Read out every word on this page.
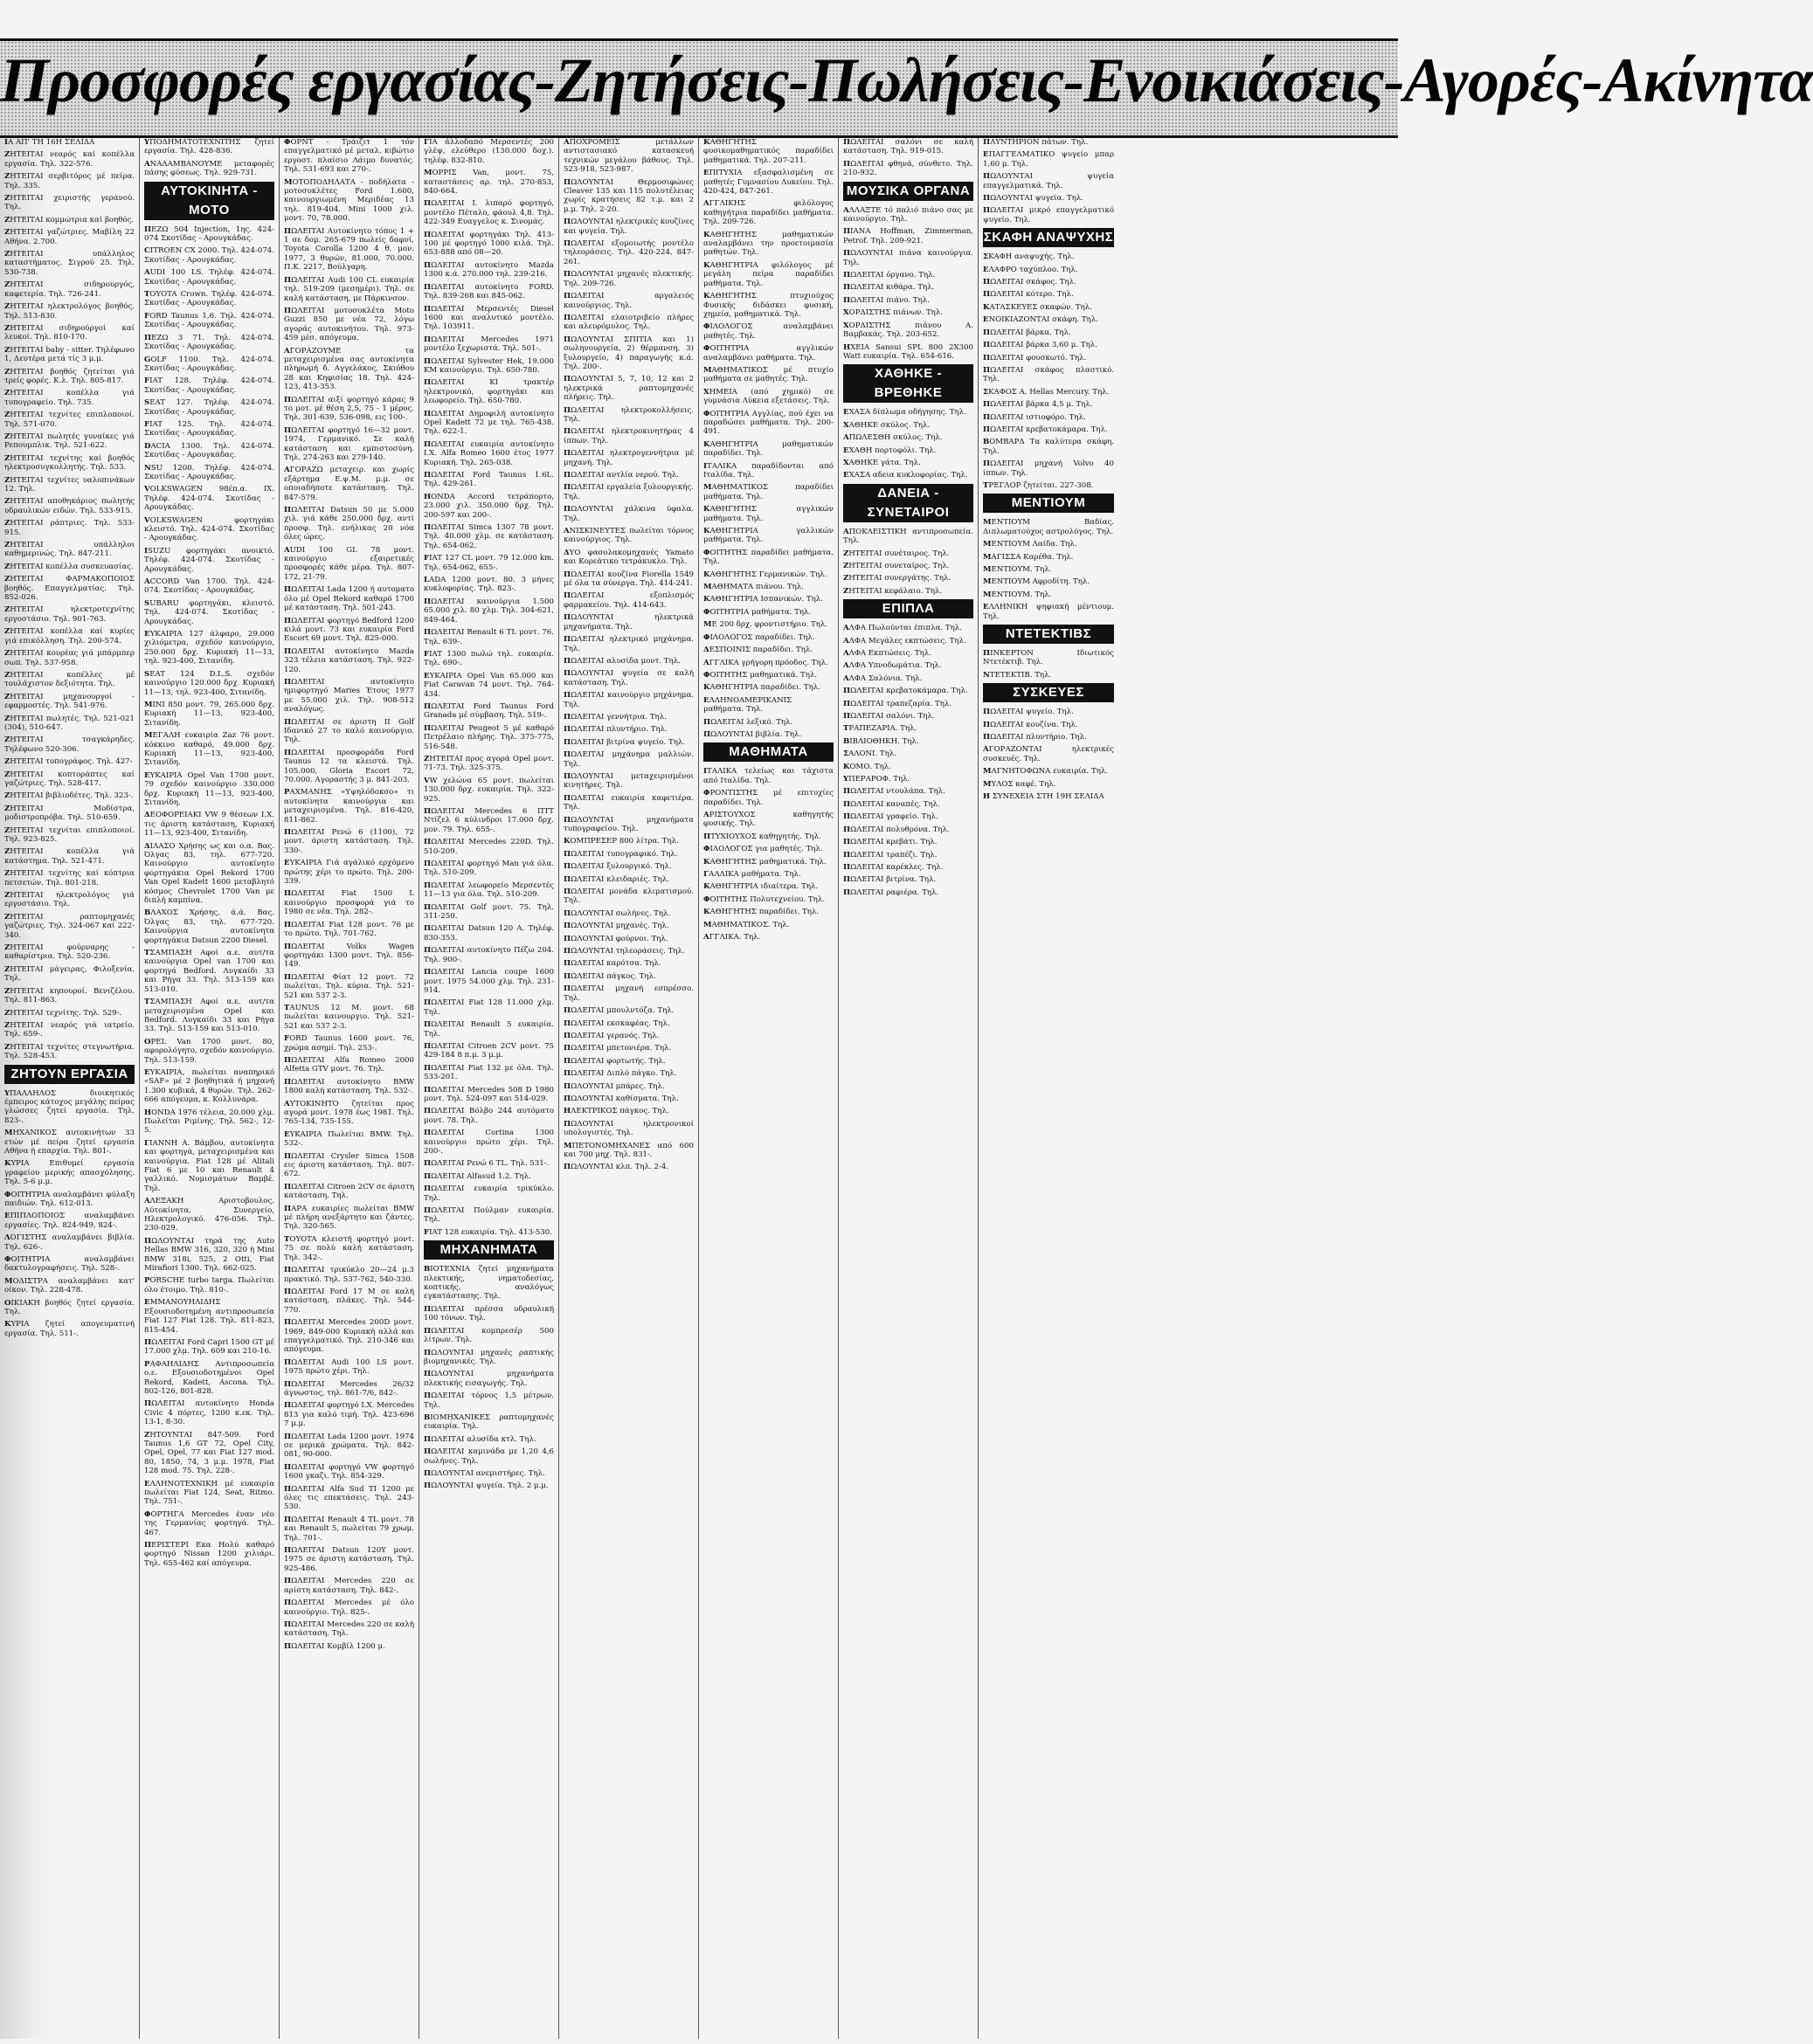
Προσφορές εργασίας-Ζητήσεις-Πωλήσεις-Ενοικιάσεις-Αγορές-Ακίνητα
ΙΑ ΑΠ' ΤΗ 16Η ΣΕΛΙΔΑ
ΖΗΤΕΙΤΑΙ νεαρός καί κοπέλλα εργασία. Τηλ. 322-576.
ΖΗΤΕΙΤΑΙ σερβιτόρος μέ πείρα. Τηλ. 335.
ΖΗΤΕΙΤΑΙ χειριστής γερανού. Τηλ.
ΖΗΤΕΙΤΑΙ κομμώτρια καί βοηθός.
ΖΗΤΕΙΤΑΙ γαζώτριες. Μαβίλη 22 Αθήνα. 2.700.
ΖΗΤΕΙΤΑΙ υπάλληλος καταστήματος. Σιγρού 25. Τηλ. 530-738.
ΖΗΤΕΙΤΑΙ σιδηρουργός, καφετερία. Τηλ. 726-241.
ΖΗΤΕΙΤΑΙ ηλεκτρολόγος βοηθός. Τηλ. 513-830.
ΖΗΤΕΙΤΑΙ σιδηρούργοί καί λευκοί. Τηλ. 810-170.
ΖΗΤΕΙΤΑΙ baby - sitter. Τηλέφωνο 1, Δευτέρα μετά τίς 3 μ.μ.
ΖΗΤΕΙΤΑΙ βοηθός ζητείται γιά τρείς φορές. Κ.λ. Τηλ. 805-817.
ΖΗΤΕΙΤΑΙ κοπέλλα γιά τυπογραφείο. Τηλ. 735.
ΖΗΤΕΙΤΑΙ τεχνίτες επιπλοποιοί. Τηλ. 571-070.
ΖΗΤΕΙΤΑΙ πωλητές γυναίκες γιά Ρεπουμπλικ. Τηλ. 521-622.
ΖΗΤΕΙΤΑΙ τεχνίτης καί βοηθός ηλεκτροσυγκολλητής. Τηλ. 533.
ΖΗΤΕΙΤΑΙ τεχνίτες υαλοπινάκων 12. Τηλ.
ΖΗΤΕΙΤΑΙ αποθηκάριος πωλητής υδραυλικών ειδών. Τηλ. 533-915.
ΖΗΤΕΙΤΑΙ ράπτριες. Τηλ. 533-915.
ΖΗΤΕΙΤΑΙ υπάλληλοι καθημερινώς. Τηλ. 847-211.
ΖΗΤΕΙΤΑΙ κοπέλλα συσκευασίας.
ΖΗΤΕΙΤΑΙ ΦΑΡΜΑΚΟΠΟΙΟΣ βοηθός. Επαγγελματίας. Τηλ. 852-026.
ΖΗΤΕΙΤΑΙ ηλεκτροτεχνίτης εργοστάσιο. Τηλ. 901-763.
ΖΗΤΕΙΤΑΙ κοπέλλα καί κυρίες γιά επικόλληση. Τηλ. 200-574.
ΖΗΤΕΙΤΑΙ κουρέας γιά μπάρμπερ σωπ. Τηλ. 537-958.
ΖΗΤΕΙΤΑΙ κοπέλλες μέ τουλάχιστον δεξιότητα. Τηλ.
ΖΗΤΕΙΤΑΙ μηχανουργοί - εφαρμοστές. Τηλ. 541-976.
ΖΗΤΕΙΤΑΙ πωλητές. Τηλ. 521-021 (304), 510-647.
ΖΗΤΕΙΤΑΙ τσαγκάρηδες. Τηλέφωνο 520-306.
ΖΗΤΕΙΤΑΙ τοπογράφος. Τηλ. 427-
ΖΗΤΕΙΤΑΙ κοπτοράπτες καί γαζώτριες. Τηλ. 528-417.
ΖΗΤΕΙΤΑΙ βιβλιοδέτες. Τηλ. 323-.
ΖΗΤΕΙΤΑΙ Μοδίστρα, μοδιστροπρόβα. Τηλ. 510-659.
ΖΗΤΕΙΤΑΙ τεχνίται επιπλοποιοί. Τηλ. 923-825.
ΖΗΤΕΙΤΑΙ κοπέλλα γιά κατάστημα. Τηλ. 521-471.
ΖΗΤΕΙΤΑΙ τεχνίτης καί κόπτρια πετσετών. Τηλ. 801-218.
ΖΗΤΕΙΤΑΙ ηλεκτρολόγος γιά εργοστάσιο. Τηλ.
ΖΗΤΕΙΤΑΙ ραπτομηχανές γαζώτριες. Τηλ. 324-067 καί 222-340.
ΖΗΤΕΙΤΑΙ φούρναρης - καθαρίστρια. Τηλ. 520-236.
ΖΗΤΕΙΤΑΙ μάγειρας, Φιλοξενία. Τηλ.
ΖΗΤΕΙΤΑΙ κηπουροί. Βενιζέλου. Τηλ. 811-863.
ΖΗΤΕΙΤΑΙ τεχνίτης. Τηλ. 529-.
ΖΗΤΕΙΤΑΙ νεαρός γιά ιατρείο. Τηλ. 659-.
ΖΗΤΕΙΤΑΙ τεχνίτες στεγνωτήρια. Τηλ. 528-453.
ΖΗΤΟΥΝ ΕΡΓΑΣΙΑ
ΥΠΑΛΛΗΛΟΣ διοικητικός έμπειρος κάτοχος μεγάλης πείρας γλώσσες ζητεί εργασία. Τηλ. 823-.
ΜΗΧΑΝΙΚΟΣ αυτοκινήτων 33 ετών μέ πείρα ζητεί εργασία Αθήνα ή επαρχία. Τηλ. 801-.
ΚΥΡΙΑ Επιθυμεί εργασία γραφείου μερικής απασχόλησης. Τηλ. 5-6 μ.μ.
ΦΟΙΤΗΤΡΙΑ αναλαμβάνει φύλαξη παιδιών. Τηλ. 612-013.
ΕΠΙΠΛΟΠΟΙΟΣ αναλαμβάνει εργασίες. Τηλ. 824-949, 824-.
ΛΟΓΙΣΤΗΣ αναλαμβάνει βιβλία. Τηλ. 626-.
ΦΟΙΤΗΤΡΙΑ αναλαμβάνει δακτυλογραφήσεις. Τηλ. 528-.
ΜΟΔΙΣΤΡΑ αναλαμβάνει κατ' οίκον. Τηλ. 228-478.
ΟΙΚΙΑΚΗ βοηθός ζητεί εργασία. Τηλ.
ΚΥΡΙΑ ζητεί απογευματινή εργασία. Τηλ. 511-.
ΥΠΟΔΗΜΑΤΟΤΕΧΝΙΤΗΣ ζητεί εργασία. Τηλ. 428-836.
ΑΝΑΛΑΜΒΑΝΟΥΜΕ μεταφορές πάσης φύσεως. Τηλ. 929-731.
ΑΥΤΟΚΙΝΗΤΑ - ΜΟΤΟ
ΠΕΖΩ 504 Injection, 1ης. 424-074 Σκοτίδας - Αρουγκάδας.
CITROEN CX 2000. Τηλ. 424-074. Σκοτίδας - Αρουγκάδας.
AUDI 100 LS. Τηλέφ. 424-074. Σκοτίδας - Αρουγκάδας.
TOYOTA Crown. Τηλέφ. 424-074. Σκοτίδας - Αρουγκάδας.
FORD Taunus 1,6. Τηλ. 424-074. Σκοτίδας - Αρουγκάδας.
ΠΕΖΩ 3 71. Τηλ. 424-074. Σκοτίδας - Αρουγκάδας.
GOLF 1100. Τηλ. 424-074. Σκοτίδας - Αρουγκάδας.
FIAT 128. Τηλέφ. 424-074. Σκοτίδας - Αρουγκάδας.
SEAT 127. Τηλέφ. 424-074. Σκοτίδας - Αρουγκάδας.
FIAT 125. Τηλ. 424-074. Σκοτίδας - Αρουγκάδας.
DACIA 1300. Τηλ. 424-074. Σκοτίδας - Αρουγκάδας.
NSU 1200. Τηλέφ. 424-074. Σκοτίδας - Αρουγκάδας.
VOLKSWAGEN 98έπ.α. IX. Τηλέφ. 424-074. Σκοτίδας - Αρουγκάδας.
VOLKSWAGEN φορτηγάκι κλειστό. Τηλ. 424-074. Σκοτίδας - Αρουγκάδας.
ISUZU φορτηγάκι ανοικτό. Τηλέφ. 424-074. Σκοτίδας - Αρουγκάδας.
ACCORD Van 1700. Τηλ. 424-074. Σκοτίδας - Αρουγκάδας.
SUBARU φορτηγάκι, κλειστό. Τηλ. 424-074. Σκοτίδας - Αρουγκάδας.
ΕΥΚΑΙΡΙΑ 127 άλφαρο, 29.000 χιλιόμετρα, σχεδόν καινούργιο, 250.000 δρχ. Κυριακή 11—13, τηλ. 923-400, Σιτανίδη.
SEAT 124 D.L.S. σχεδόν καινούργιο 120.000 δρχ. Κυριακή 11—13, τηλ. 923-400, Σιτανίδη.
MINI 850 μοντ. 79, 265.000 δρχ. Κυριακή 11—13, 923-400, Σιτανίδη.
ΜΕΓΑΛΗ ευκαιρία Zaz 76 μοντ. κόκκινο καθαρό, 49.000 δρχ. Κυριακή 11—13, 923-400, Σιτανίδη.
ΕΥΚΑΙΡΙΑ Opel Van 1700 μοντ. 79 σχεδόν καινούργιο 330.000 δρχ. Κυριακή 11—13, 923-400, Σιτανίδη.
ΔΕΟΦΟΡΕΙΑΚΙ VW 9 θέσεων I.X. τις άριστη κατάσταση, Κυριακή 11—13, 923-400, Σιτανίδη.
ΔΙΛΑΣΟ Χρήσης ως και ο.α. Βας. Όλγας 83, τηλ. 677-720. Καινούργιο αυτοκίνητο φορτηγάκια Opel Rekord 1700 Van Opel Kadett 1600 μεταβλητό κόσμος Chevrolet 1700 Van με διπλή καμπίνα.
ΒΛΑΧΟΣ Χρήσης, ά.ά. Βας. Όλγας 83, τηλ. 677-720. Καινούργια αυτοκίνητα φορτηγάκια Datsun 2200 Diesel.
ΤΣΑΜΠΑΣΗ Αφοί α.ε. αυτ/τα καινούργια Opel van 1700 και φορτηγά Bedford. Λυγκαίδι 33 και Ρήγα 33. Τηλ. 513-159 και 513-010.
ΤΣΑΜΠΑΣΗ Αφοί α.ε. αυτ/τα μεταχειρισμένα Opel και Bedford. Λυγκαίδι 33 και Ρήγα 33. Τηλ. 513-159 και 513-010.
OPEL Van 1700 μοντ. 80, αφορολόγητο, σχεδόν καινούργιο. Τηλ. 513-159.
ΕΥΚΑΙΡΙΑ, πωλείται αναπηρικό «SAF» μέ 2 βοηθητικά ή μηχανή 1.300 κυβικά, 4 θυρών. Τηλ. 262-666 απόγευμα, κ. Κολλυνάρα.
HONDA 1976 τέλεια, 20.000 χλμ. Πωλείται Ριμίνης. Τηλ. 562-, 12-5.
ΓΙΑΝΝΗ Α. Βάμβου, αυτοκίνητα και φορτηγά, μεταχειρισμένα και καινούργια. Fiat 128 μέ Alitali Fiat 6 με 10 και Renault 4 γαλλικό. Νομισμάτων Βαμβέ. Τηλ.
ΑΛΕΞΑΚΗ Αριστοβουλος. Αύτοκίνητα, Συνεργείο, Ηλεκτρολογικό. 476-056. Τηλ. 230-029.
ΠΩΛΟΥΝΤΑΙ τηρά της Αuto Hellas BMW 316, 320, 320 ή Mini BMW 318i, 525, 2 Otti, Fiat Mirafiori 1300. Τηλ. 662-025.
PORSCHE turbo targa. Πωλείται όλο έτοιμο. Τηλ. 810-.
ΕΜΜΑΝΟΥΗΛΙΔΗΣ Εξουσιοδοτημένη αντιπροσωπεία Fiat 127 Fiat 128. Τηλ. 811-823, 815-454.
ΠΩΛΕΙΤΑΙ Ford Capri 1500 GT μέ 17.000 χλμ. Τηλ. 609 και 210-16.
ΡΑΦΑΗΛΙΔΗΣ Αντιπροσωπεία ο.ε. Εξουσιοδοτημένοι Opel Rekord, Kadett, Ascona. Τηλ. 802-126, 801-828.
ΠΩΛΕΙΤΑΙ αυτοκίνητο Honda Civic 4 πόρτες, 1200 κ.εκ. Τηλ. 13-1, 8-30.
ΖΗΤΟΥΝΤΑΙ 847-509. Ford Taunus 1,6 GT 72, Opel City, Opel, Opel, 77 και Fiat 127 mod. 80, 1850, 74, 3 μ.μ. 1978, Fiat 128 mod. 75. Τηλ. 228-.
ΕΛΛΗΝΟΤΕΧΝΙΚΗ μέ ευκαιρία πωλείται Fiat 124, Seat, Ritmo. Τηλ. 751-.
ΦΟΡΤΗΓΑ Mercedes έναν νέο της Γερμανίας φορτηγά. Τηλ. 467.
ΠΕΡΙΣΤΕΡΙ Εκα Ηολύ καθαρό φορτηγό Nissan 1200 χιλιάρι. Τηλ. 655-462 καί απόγευμα.
ΦΟΡΝΤ - Τράιζιτ 1 τόν επαγγελματικό μέ μεταλ. κιβώτιο εργοστ. πλαίσιο Λάιμο δυνατός. Τηλ. 531-693 και 270-.
ΜΟΤΟΠΟΔΗΛΑΤΑ - ποδήλατα - μοτοσυκλέτες Ford 1.600, καινουργιωμένη Μεριδέας 13 τηλ. 819-404. Mini 1000 χιλ. μοντ. 70, 78.000.
ΠΩΛΕΙΤΑΙ Αυτοκίνητο τόπος 1 + 1 σε δομ. 265-679 πωλείς δαφνί, Toyota Corolla 1200 4 θ. μον. 1977, 3 θυρών, 81.000, 70.000. Π.Κ. 2217, Βούλγαρη.
ΠΩΛΕΙΤΑΙ Audi 100 CL ευκαιρία τηλ. 519-209 (μεσημέρι). Τηλ. σε καλή κατάσταση, με Πάρκινσον.
ΠΩΛΕΙΤΑΙ μοτοσυκλέτα Moto Guzzi 850 με νέα 72, λόγω αγοράς αυτοκινήτου. Τηλ. 973-459 μέσ. απόγευμα.
ΑΓΟΡΑΖΟΥΜΕ τα μεταχειρισμένα σας αυτοκίνητα πληρωμή δ. Αγγελάκος, Σκιόθου 28 και Κηφισίας 18. Τηλ. 424-123, 413-353.
ΠΩΛΕΙΤΑΙ αιξί φορτηγό κάρας 9 το μοτ. μέ θέση 2,5, 75 - 1 μέρος. Τηλ. 301-639, 536-098, εις 100-.
ΠΩΛΕΙΤΑΙ φορτηγό 16—32 μοντ. 1974, Γερμανικό. Σε καλή κατάσταση και εμπιστοσύνη. Τηλ. 274-263 και 279-140.
ΑΓΟΡΑΖΩ μεταχειρ. και χωρίς εξάρτημα Ε.ψ.Μ. μ.μ. σε οποιαδήποτε κατάσταση. Τηλ. 847-579.
ΠΩΛΕΙΤΑΙ Datsun 50 με 5.000 χιλ. γιά κάθε 250.000 δρχ. αντί προσφ. Τηλ. ενήλικας 20 νόα όλες ώρες.
AUDI 100 GL 78 μοντ. καινούργιο εξαιρετικές προσφορές κάθε μέρα. Τηλ. 807-172, 21-79.
ΠΩΛΕΙΤΑΙ Lada 1200 ή αυτοματο όλο μέ Opel Rekord καθαρό 1700 μέ κατάσταση. Τηλ. 501-243.
ΠΩΛΕΙΤΑΙ φορτηγό Bedford 1200 κιλά μοντ. 73 και ευκαιρία Ford Escort 69 μοντ. Τηλ. 825-000.
ΠΩΛΕΙΤΑΙ αυτοκίνητο Mazda 323 τέλεια κατάσταση. Τηλ. 922-120.
ΠΩΛΕΙΤΑΙ αυτοκίνητο ημιφορτηγό Maries Έτους 1977 με 55.000 χιλ. Τηλ. 908-512 αναλόγως.
ΠΩΛΕΙΤΑΙ σε άριστη ΙΙ Golf Ιδανικό 27 το καλό καινούργιο. Τηλ.
ΠΩΛΕΙΤΑΙ προσφοράδα Ford Taunus 12 τα κλειστά. Τηλ. 105.000, Gloria Escort 72, 70.000. Αγοραστής 3 μ. 841-203.
ΡΑΧΜΑΝΗΣ «Yψηλόδοκσο» τι αυτοκίνητα καινούργια και μεταχειρισμένα. Τηλ. 816-420, 811-862.
ΠΩΛΕΙΤΑΙ Ρενώ 6 (1100), 72 μοντ. άριστη κατάσταση. Τηλ. 330-.
ΕΥΚΑΙΡΙΑ Γιά αγάλικό ερχόμενο πρώτης χέρι το πρώτο. Τηλ. 200-339.
ΠΩΛΕΙΤΑΙ Fiat 1500 L καινούργιο προσφορά γιά το 1980 σε νέα. Τηλ. 282-.
ΠΩΛΕΙΤΑΙ Fiat 128 μοντ. 76 με το πρώτο. Τηλ. 701-762.
ΠΩΛΕΙΤΑΙ Volks Wagen φορτηγάκι 1300 μοντ. Τηλ. 856-149.
ΠΩΛΕΙΤΑΙ Φίατ 12 μοντ. 72 πωλείται. Τηλ. κύρια. Τηλ. 521-521 και 537 2-3.
TAUNUS 12 Μ. μοντ. 68 πωλείται καινουργιο. Τηλ. 521-521 και 537 2-3.
FORD Taunus 1600 μοντ. 76, χρώμα ασημί. Τηλ. 253-.
ΠΩΛΕΙΤΑΙ Alfa Romeo 2000 Alfetta GTV μοντ. 76. Τηλ.
ΠΩΛΕΙΤΑΙ αυτοκίνητο BMW 1800 καλή κατάσταση. Τηλ. 532-.
ΑΥΤΟΚΙΝΗΤΟ ζητείται προς αγορά μοντ. 1978 έως 1981. Τηλ. 765-134, 735-155.
ΕΥΚΑΙΡΙΑ Πωλείται BMW. Τηλ. 532-.
ΠΩΛΕΙΤΑΙ Crysler Simca 1508 εις άριστη κατάσταση. Τηλ. 807-672.
ΠΩΛΕΙΤΑΙ Citroen 2CV σε άριστη κατάσταση. Τηλ.
ΠΑΡΑ ευκαιρίες πωλείται BMW μέ πλήρη ανεξάρτητο και ζάντες. Τηλ. 320-565.
TOYOTA κλειστή φορτηγό μοντ. 75 σε πολύ καλή κατάσταση. Τηλ. 342-.
ΠΩΛΕΙΤΑΙ τρικύκλο 20—24 μ.3 πρακτικό. Τηλ. 537-762, 540-330.
ΠΩΛΕΙΤΑΙ Ford 17 M σε καλή κατάσταση, πλάκες. Τηλ. 544-770.
ΠΩΛΕΙΤΑΙ Mercedes 200D μοντ. 1969, 849-000 Κυριακή αλλά και επαγγελματικό. Τηλ. 210-346 και απόγευμα.
ΠΩΛΕΙΤΑΙ Audi 100 LS μοντ. 1975 πρώτο χέρι. Τηλ.
ΠΩΛΕΙΤΑΙ Mercedes 26/32 άγνωστος, τηλ. 861-7/6, 842-.
ΠΩΛΕΙΤΑΙ φορτηγό I.X. Mercedes 813 για καλό τιμή. Τηλ. 423-696 7 μ.μ.
ΠΩΛΕΙΤΑΙ Lada 1200 μοντ. 1974 σε μερικά χρώματα. Τηλ. 842-081, 90-000.
ΠΩΛΕΙΤΑΙ φορτηγό VW φορτηγό 1600 γκαζι. Τηλ. 854-329.
ΠΩΛΕΙΤΑΙ Alfa Sud TI 1200 με όλες τις επεκτάσεις. Τηλ. 243-530.
ΠΩΛΕΙΤΑΙ Renault 4 TL μοντ. 78 και Renault 5, πωλείται 79 χρωμ. Τηλ. 701-.
ΠΩΛΕΙΤΑΙ Datsun 120Y μοντ. 1975 σε άριστη κατάσταση. Τηλ. 925-486.
ΠΩΛΕΙΤΑΙ Mercedes 220 σε αρίστη κατάσταση. Τηλ. 842-.
ΠΩΛΕΙΤΑΙ Mercedes μέ όλο καινούργιο. Τηλ. 825-.
ΠΩΛΕΙΤΑΙ Mercedes 220 σε καλή κατάσταση. Τηλ.
ΠΩΛΕΙΤΑΙ Κομβίλ 1200 μ.
ΓΙΑ άλλοδαπό Μερσεντές 200 γλέψ, ελεύθερο (130.000 δοχ.). τηλέφ. 832-810.
ΜΟΡΡΙΣ Van, μοντ. 75, καταστάσεις αρ. τηλ. 270-853, 840-664.
ΠΩΛΕΙΤΑΙ Ι. λιπαρό φορτηγό, μοντέλο Πέταλο, φάουλ 4,8. Τηλ. 422-349 Ευαγγελος κ. Σινομάς.
ΠΩΛΕΙΤΑΙ φορτηγάκι Τηλ. 413-100 μέ φορτηγό 1000 κιλά. Τηλ. 653-888 από 08—20.
ΠΩΛΕΙΤΑΙ αυτοκίνητο Mazda 1300 κ.ά. 270.000 τηλ. 239-216.
ΠΩΛΕΙΤΑΙ αυτοκίνητο FORD. Τηλ. 839-268 και 845-062.
ΠΩΛΕΙΤΑΙ Μερσεντές Diesel 1600 και αναλυτικό μοντέλο. Τηλ. 103911.
ΠΩΛΕΙΤΑΙ Mercedes 1971 μοντέλο ξεχωριστά. Τηλ. 501-.
ΠΩΛΕΙΤΑΙ Sylvester Hek, 19.000 KM καινούργιο. Τηλ. 650-780.
ΠΩΛΕΙΤΑΙ ΚΙ τρακτέρ ηλεκτρονικό, φορτηγάκι και λεωφορείο. Τηλ. 650-780.
ΠΩΛΕΙΤΑΙ Δημοφιλή αυτοκίνητο Opel Kadett 72 με τηλ. 765-438. Τηλ. 622-1.
ΠΩΛΕΙΤΑΙ ευκαιρία αυτοκίνητο Ι.Χ. Alfa Romeo 1600 έτος 1977 Κυριακή. Τηλ. 265-038.
ΠΩΛΕΙΤΑΙ Ford Taunus 1.6L. Τηλ. 429-261.
HONDA Accord τετράπορτο, 23.000 χιλ. 350.000 δρχ. Τηλ. 200-597 και 200-.
ΠΩΛΕΙΤΑΙ Simca 1307 78 μοντ. Τηλ. 40.000 χλμ. σε κατάσταση. Τηλ. 654-062.
FIAT 127 CL μοντ. 79 12.000 km. Τηλ. 654-062, 655-.
LADA 1200 μοντ. 80. 3 μήνες κυκλοφορίας. Τηλ. 823-.
ΠΩΛΕΙΤΑΙ καινούργια 1.500 65.000 χιλ. 80 χλμ. Τηλ. 304-621, 849-464.
ΠΩΛΕΙΤΑΙ Renault 6 TL μοντ. 76. Τηλ. 639-.
FIAT 1300 πωλώ τηλ. ευκαιρία. Τηλ. 690-.
ΕΥΚΑΙΡΙΑ Opel Van 65.000 και Fiat Caravan 74 μοντ. Τηλ. 764-434.
ΠΩΛΕΙΤΑΙ Ford Taunus Ford Granada μέ σύμβαση. Τηλ. 519-.
ΠΩΛΕΙΤΑΙ Peugeot 5 μέ καθαρό Πετρέλαιο πλήρης. Τηλ. 375-775, 516-548.
ΖΗΤΕΙΤΑΙ προς αγορά Opel μοντ. 71-73. Τηλ. 325-375.
VW χελώνα 65 μοντ. πωλείται 130.000 δρχ. ευκαιρία. Τηλ. 322-925.
ΠΩΛΕΙΤΑΙ Mercedes 6 ΠΤΤ Ντίζελ 6 κύλινδροι 17.000 δρχ. μον. 79. Τηλ. 655-.
ΠΩΛΕΙΤΑΙ Mercedes 220D. Τηλ. 510-209.
ΠΩΛΕΙΤΑΙ φορτηγό Man γιά όλα. Τηλ. 510-209.
ΠΩΛΕΙΤΑΙ λεωφορείο Μερσεντές 11—13 για όλα. Τηλ. 510-209.
ΠΩΛΕΙΤΑΙ Golf μοντ. 75. Τηλ. 311-250.
ΠΩΛΕΙΤΑΙ Datsun 120 A. Τηλέφ. 830-353.
ΠΩΛΕΙΤΑΙ αυτοκίνητο Πέζω 204. Τηλ. 900-.
ΠΩΛΕΙΤΑΙ Lancia coupe 1600 μοντ. 1975 54.000 χλμ. Τηλ. 231-914.
ΠΩΛΕΙΤΑΙ Fiat 128 11.000 χλμ. Τηλ.
ΠΩΛΕΙΤΑΙ Renault 5 ευκαιρία. Τηλ.
ΠΩΛΕΙΤΑΙ Citroen 2CV μοντ. 75 429-184 8 π.μ. 3 μ.μ.
ΠΩΛΕΙΤΑΙ Fiat 132 με όλα. Τηλ. 533-201.
ΠΩΛΕΙΤΑΙ Mercedes 508 D 1980 μοντ. Τηλ. 524-097 και 514-029.
ΠΩΛΕΙΤΑΙ Βόλβο 244 αυτόματο μοντ. 78. Τηλ.
ΠΩΛΕΙΤΑΙ Cortina 1300 καινούργιο πρώτο χέρι. Τηλ. 200-.
ΠΩΛΕΙΤΑΙ Ρενώ 6 TL. Τηλ. 531-.
ΠΩΛΕΙΤΑΙ Alfasud 1.2. Τηλ.
ΠΩΛΕΙΤΑΙ ευκαιρία τρικύκλο. Τηλ.
ΠΩΛΕΙΤΑΙ Πούλμαν ευκαιρία. Τηλ.
FIAT 128 ευκαιρία. Τηλ. 413-530.
ΜΗΧΑΝΗΜΑΤΑ
ΒΙΟΤΕΧΝΙΑ ζητεί μηχανήματα πλεκτικής, νηματοδεσίας, κοπτικής, αναλόγως εγκατάστασης. Τηλ.
ΠΩΛΕΙΤΑΙ πρέσσα υδραυλική 100 τόνων. Τηλ.
ΠΩΛΕΙΤΑΙ κομπρεσέρ 500 λίτρων. Τηλ.
ΠΩΛΟΥΝΤΑΙ μηχανές ραπτικής βιομηχανικές. Τηλ.
ΠΩΛΟΥΝΤΑΙ μηχανήματα πλεκτικής εισαγωγής. Τηλ.
ΠΩΛΕΙΤΑΙ τόρνος 1,5 μέτρων. Τηλ.
ΒΙΟΜΗΧΑΝΙΚΕΣ ραπτομηχανές ευκαιρία. Τηλ.
ΠΩΛΕΙΤΑΙ αλυσίδα κτλ. Τηλ.
ΠΩΛΕΙΤΑΙ καμινάδα με 1,20 4,6 σωλήνες. Τηλ.
ΠΩΛΟΥΝΤΑΙ ανεμιστήρες. Τηλ.
ΠΩΛΟΥΝΤΑΙ ψυγεία. Τηλ. 2 μ.μ.
ΑΠΟΧΡΟΜΕΙΣ μετάλλων αντιστασιακό κατασκευή τεχνικών μεγάλου βάθους. Τηλ. 523-918, 523-987.
ΠΩΛΟΥΝΤΑΙ Θερμοσιφώνες Cleaver 135 και 115 πολυτέλειας χωρίς κρατήσεις 82 τ.μ. και 2 μ.μ. Τηλ. 2-20.
ΠΩΛΟΥΝΤΑΙ ηλεκτρικές κουζίνες και ψυγεία. Τηλ.
ΠΩΛΕΙΤΑΙ εξομοιωτής μοντέλο τηλεοράσεις. Τηλ. 420-224, 847-261.
ΠΩΛΟΥΝΤΑΙ μηχανές πλεκτικής. Τηλ. 209-726.
ΠΩΛΕΙΤΑΙ αργαλειός καινούργιος. Τηλ.
ΠΩΛΕΙΤΑΙ ελαιοτριβείο πλήρες και αλευρόμυλος. Τηλ.
ΠΩΛΟΥΝΤΑΙ ΣΠΙΤΙΑ και 1) σωληνουργεία, 2) θέρμανση, 3) ξυλουργείο, 4) παραγωγής κ.ά. Τηλ. 200-.
ΠΩΛΟΥΝΤΑΙ 5, 7, 10, 12 και 2 ηλεκτρικά ραπτομηχανές πλήρεις. Τηλ.
ΠΩΛΕΙΤΑΙ ηλεκτροκολλήσεις. Τηλ.
ΠΩΛΕΙΤΑΙ ηλεκτροκινητήρας 4 ίππων. Τηλ.
ΠΩΛΕΙΤΑΙ ηλεκτρογεννήτρια μέ μηχανή. Τηλ.
ΠΩΛΕΙΤΑΙ αντλία νερού. Τηλ.
ΠΩΛΕΙΤΑΙ εργαλεία ξυλουργικής. Τηλ.
ΠΩΛΟΥΝΤΑΙ χάλκινα ύφαλα. Τηλ.
ΑΝΙΣΚΙΝΕΥΤΕΣ πωλείται τόρνος καινούργιος. Τηλ.
ΔΥΟ φασολακομηχανές Yamato και Κορεάτικο τετράκυκλο. Τηλ.
ΠΩΛΕΙΤΑΙ κουζίνα Fiorella 1549 μέ όλα τα σύνεργα. Τηλ. 414-241.
ΠΩΛΕΙΤΑΙ εξοπλισμός φαρμακείου. Τηλ. 414-643.
ΠΩΛΟΥΝΤΑΙ ηλεκτρικά μηχανήματα. Τηλ.
ΠΩΛΕΙΤΑΙ ηλεκτρικό μηχάνημα. Τηλ.
ΠΩΛΕΙΤΑΙ αλυσίδα μοντ. Τηλ.
ΠΩΛΟΥΝΤΑΙ ψυγεία σε καλή κατάσταση. Τηλ.
ΠΩΛΕΙΤΑΙ καινούργιο μηχάνημα. Τηλ.
ΠΩΛΕΙΤΑΙ γεννήτρια. Τηλ.
ΠΩΛΕΙΤΑΙ πλυντήριο. Τηλ.
ΠΩΛΕΙΤΑΙ βιτρίνα ψυγείο. Τηλ.
ΠΩΛΕΙΤΑΙ μηχάνημα μαλλιών. Τηλ.
ΠΩΛΟΥΝΤΑΙ μεταχειρισμένοι κινητήρες. Τηλ.
ΠΩΛΕΙΤΑΙ ευκαιρία καφετιέρα. Τηλ.
ΠΩΛΟΥΝΤΑΙ μηχανήματα τυπογραφείου. Τηλ.
ΚΟΜΠΡΕΣΕΡ 800 λίτρα. Τηλ.
ΠΩΛΕΙΤΑΙ τυπογραφικό. Τηλ.
ΠΩΛΕΙΤΑΙ ξυλουργικό. Τηλ.
ΠΩΛΕΙΤΑΙ κλειδαριές. Τηλ.
ΠΩΛΕΙΤΑΙ μονάδα κλιματισμού. Τηλ.
ΠΩΛΟΥΝΤΑΙ σωλήνες. Τηλ.
ΠΩΛΟΥΝΤΑΙ μηχανές. Τηλ.
ΠΩΛΟΥΝΤΑΙ φούρνοι. Τηλ.
ΠΩΛΟΥΝΤΑΙ τηλεοράσεις. Τηλ.
ΠΩΛΕΙΤΑΙ καρότσα. Τηλ.
ΠΩΛΕΙΤΑΙ πάγκος. Τηλ.
ΠΩΛΕΙΤΑΙ μηχανή εσπρέσσο. Τηλ.
ΠΩΛΕΙΤΑΙ μπουλντόζα. Τηλ.
ΠΩΛΕΙΤΑΙ εκσκαφέας. Τηλ.
ΠΩΛΕΙΤΑΙ γερανός. Τηλ.
ΠΩΛΕΙΤΑΙ μπετονιέρα. Τηλ.
ΠΩΛΕΙΤΑΙ φορτωτής. Τηλ.
ΠΩΛΕΙΤΑΙ Διπλό πάγκο. Τηλ.
ΠΩΛΟΥΝΤΑΙ μπάρες. Τηλ.
ΠΩΛΟΥΝΤΑΙ καθίσματα. Τηλ.
ΗΛΕΚΤΡΙΚΟΣ πάγκος. Τηλ.
ΠΩΛΟΥΝΤΑΙ ηλεκτρονικοί υπολογιστές. Τηλ.
ΜΠΕΤΟΝΟΜΗΧΑΝΕΣ από 600 και 700 μηχ. Τηλ. 831-.
ΠΩΛΟΥΝΤΑΙ κλπ. Τηλ. 2-4.
ΚΑΘΗΓΗΤΗΣ φυσικομαθηματικός παραδίδει μαθηματικά. Τηλ. 207-211.
ΕΠΙΤΥΧΙΑ εξασφαλισμένη σε μαθητές Γυμνασίου Λυκείου. Τηλ. 420-424, 847-261.
ΑΓΓΛΙΚΗΣ φιλόλογος καθηγήτρια παραδίδει μαθήματα. Τηλ. 209-726.
ΚΑΘΗΓΗΤΗΣ μαθηματικών αναλαμβάνει την προετοιμασία μαθητών. Τηλ.
ΚΑΘΗΓΗΤΡΙΑ φιλόλογος μέ μεγάλη πείρα παραδίδει μαθήματα. Τηλ.
ΚΑΘΗΓΗΤΗΣ πτυχιούχος Φυσικής διδάσκει φυσική, χημεία, μαθηματικά. Τηλ.
ΦΙΛΟΛΟΓΟΣ αναλαμβάνει μαθητές. Τηλ.
ΦΟΙΤΗΤΡΙΑ αγγλικών αναλαμβάνει μαθήματα. Τηλ.
ΜΑΘΗΜΑΤΙΚΟΣ μέ πτυχίο μαθήματα σε μαθητές. Τηλ.
ΧΗΜΕΙΑ (από χημικό) σε γυμνάσια Λύκεια εξετάσεις. Τηλ.
ΦΟΙΤΗΤΡΙΑ Αγγλίας, πού έχει να παραδώσει μαθήματα. Τηλ. 200-491.
ΚΑΘΗΓΗΤΡΙΑ μαθηματικών παραδίδει. Τηλ.
ΙΤΑΛΙΚΑ παραδίδονται από Ιταλίδα. Τηλ.
ΜΑΘΗΜΑΤΙΚΟΣ παραδίδει μαθήματα. Τηλ.
ΚΑΘΗΓΗΤΗΣ αγγλικών μαθήματα. Τηλ.
ΚΑΘΗΓΗΤΡΙΑ γαλλικών μαθήματα. Τηλ.
ΦΟΙΤΗΤΗΣ παραδίδει μαθήματα. Τηλ.
ΚΑΘΗΓΗΤΗΣ Γερμανικών. Τηλ.
ΜΑΘΗΜΑΤΑ πιάνου. Τηλ.
ΚΑΘΗΓΗΤΡΙΑ Ισπανικών. Τηλ.
ΦΟΙΤΗΤΡΙΑ μαθήματα. Τηλ.
ΜΕ 200 δρχ. φροντιστήριο. Τηλ.
ΦΙΛΟΛΟΓΟΣ παραδίδει. Τηλ.
ΔΕΣΠΟΙΝΙΣ παραδίδει. Τηλ.
ΑΓΓΛΙΚΑ γρήγορη πρόοδος. Τηλ.
ΦΟΙΤΗΤΗΣ μαθηματικά. Τηλ.
ΚΑΘΗΓΗΤΡΙΑ παραδίδει. Τηλ.
ΕΛΛΗΝΟΑΜΕΡΙΚΑΝΙΣ μαθήματα. Τηλ.
ΠΩΛΕΙΤΑΙ λεξικό. Τηλ.
ΠΩΛΟΥΝΤΑΙ βιβλία. Τηλ.
ΜΑΘΗΜΑΤΑ
ΙΤΑΛΙΚΑ τελείως και τάχιστα από Ιταλίδα. Τηλ.
ΦΡΟΝΤΙΣΤΗΣ μέ επιτυχίες παραδίδει. Τηλ.
ΑΡΙΣΤΟΥΧΟΣ καθηγητής φυσικής. Τηλ.
ΠΤΥΧΙΟΥΧΟΣ καθηγητής. Τηλ.
ΦΙΛΟΛΟΓΟΣ για μαθητές. Τηλ.
ΚΑΘΗΓΗΤΗΣ μαθηματικά. Τηλ.
ΓΑΛΛΙΚΑ μαθήματα. Τηλ.
ΚΑΘΗΓΗΤΡΙΑ ιδιαίτερα. Τηλ.
ΦΟΙΤΗΤΗΣ Πολυτεχνείου. Τηλ.
ΚΑΘΗΓΗΤΗΣ παραδίδει. Τηλ.
ΜΑΘΗΜΑΤΙΚΟΣ. Τηλ.
ΑΓΓΛΙΚΑ. Τηλ.
ΠΩΛΕΙΤΑΙ σαλόνι σε καλή κατάσταση. Τηλ. 919-015.
ΠΩΛΕΙΤΑΙ φθηνά, σύνθετο. Τηλ. 210-932.
ΜΟΥΣΙΚΑ ΟΡΓΑΝΑ
ΑΛΛΑΞΤΕ τό παλιό πιάνο σας με καινούργιο. Τηλ.
ΠΙΑΝΑ Hoffman, Zimmerman, Petrof. Τηλ. 209-921.
ΠΩΛΟΥΝΤΑΙ πιάνα καινούργια. Τηλ.
ΠΩΛΕΙΤΑΙ όργανο. Τηλ.
ΠΩΛΕΙΤΑΙ κιθάρα. Τηλ.
ΠΩΛΕΙΤΑΙ πιάνο. Τηλ.
ΧΟΡΔΙΣΤΗΣ πιάνων. Τηλ.
ΧΟΡΔΙΣΤΗΣ πιάνου Α. Βαμβακάς. Τηλ. 203-652.
ΗΧΕΙΑ Sansui SPL 800 2X300 Watt ευκαιρία. Τηλ. 654-616.
ΧΑΘΗΚΕ - ΒΡΕΘΗΚΕ
ΕΧΑΣΑ δίπλωμα οδήγησης. Τηλ.
ΧΑΘΗΚΕ σκύλος. Τηλ.
ΑΠΩΛΕΣΘΗ σκύλος. Τηλ.
ΕΧΑΘΗ πορτοφόλι. Τηλ.
ΧΑΘΗΚΕ γάτα. Τηλ.
ΕΧΑΣΑ αδεια κυκλοφορίας. Τηλ.
ΔΑΝΕΙΑ - ΣΥΝΕΤΑΙΡΟΙ
ΑΠΟΚΛΕΙΣΤΙΚΗ αντιπροσωπεία. Τηλ.
ΖΗΤΕΙΤΑΙ συνέταιρος. Τηλ.
ΖΗΤΕΙΤΑΙ συνεταίρος. Τηλ.
ΖΗΤΕΙΤΑΙ συνεργάτης. Τηλ.
ΖΗΤΕΙΤΑΙ κεφάλαιο. Τηλ.
ΕΠΙΠΛΑ
ΑΛΦΑ Πωλούνται έπιπλα. Τηλ.
ΑΛΦΑ Μεγάλες εκπτώσεις. Τηλ.
ΑΛΦΑ Εκπτώσεις. Τηλ.
ΑΛΦΑ Υπνοδωμάτια. Τηλ.
ΑΛΦΑ Σαλόνια. Τηλ.
ΠΩΛΕΙΤΑΙ κρεβατοκάμαρα. Τηλ.
ΠΩΛΕΙΤΑΙ τραπεζαρία. Τηλ.
ΠΩΛΕΙΤΑΙ σαλόνι. Τηλ.
ΤΡΑΠΕΖΑΡΙΑ. Τηλ.
ΒΙΒΛΙΟΘΗΚΗ. Τηλ.
ΣΑΛΟΝΙ. Τηλ.
ΚΟΜΟ. Τηλ.
ΥΠΕΡΑΡΟΦ. Τηλ.
ΠΩΛΕΙΤΑΙ ντουλάπα. Τηλ.
ΠΩΛΕΙΤΑΙ καναπές. Τηλ.
ΠΩΛΕΙΤΑΙ γραφείο. Τηλ.
ΠΩΛΕΙΤΑΙ πολυθρόνα. Τηλ.
ΠΩΛΕΙΤΑΙ κρεβάτι. Τηλ.
ΠΩΛΕΙΤΑΙ τραπέζι. Τηλ.
ΠΩΛΕΙΤΑΙ καρέκλες. Τηλ.
ΠΩΛΕΙΤΑΙ βιτρίνα. Τηλ.
ΠΩΛΕΙΤΑΙ ραφιέρα. Τηλ.
ΠΛΥΝΤΗΡΙΟΝ πάτων. Τηλ.
ΕΠΑΓΓΕΛΜΑΤΙΚΟ ψυγείο μπαρ 1,60 μ. Τηλ.
ΠΩΛΟΥΝΤΑΙ ψυγεία επαγγελματικά. Τηλ.
ΠΩΛΟΥΝΤΑΙ ψυγεία. Τηλ.
ΠΩΛΕΙΤΑΙ μικρό επαγγελματικό ψυγείο. Τηλ.
ΣΚΑΦΗ ΑΝΑΨΥΧΗΣ
ΣΚΑΦΗ αναψυχής. Τηλ.
ΕΛΑΦΡΟ ταχύπλοο. Τηλ.
ΠΩΛΕΙΤΑΙ σκάφος. Τηλ.
ΠΩΛΕΙΤΑΙ κότερο. Τηλ.
ΚΑΤΑΣΚΕΥΕΣ σκαφών. Τηλ.
ΕΝΟΙΚΙΑΖΟΝΤΑΙ σκάφη. Τηλ.
ΠΩΛΕΙΤΑΙ βάρκα. Τηλ.
ΠΩΛΕΙΤΑΙ βάρκα 3,60 μ. Τηλ.
ΠΩΛΕΙΤΑΙ φουσκωτό. Τηλ.
ΠΩΛΕΙΤΑΙ σκάφος πλαστικό. Τηλ.
ΣΚΑΦΟΣ Α. Hellas Mercury. Τηλ.
ΠΩΛΕΙΤΑΙ βάρκα 4,5 μ. Τηλ.
ΠΩΛΕΙΤΑΙ ιστιοφόρο. Τηλ.
ΠΩΛΕΙΤΑΙ κρεβατοκάμαρα. Τηλ.
ΒΟΜΒΑΡΔ Τα καλύτερα σκάφη. Τηλ.
ΠΩΛΕΙΤΑΙ μηχανή Volvo 40 ίππων. Τηλ.
ΤΡΕΓΛΟΡ ζητείται. 227-308.
ΜΕΝΤΙΟΥΜ
ΜΕΝΤΙΟΥΜ Βαδίας. Διπλωματούχος αστρολόγος. Τηλ.
ΜΕΝΤΙΟΥΜ Λαίδα. Τηλ.
ΜΑΓΙΣΣΑ Καρέθα. Τηλ.
ΜΕΝΤΙΟΥΜ. Τηλ.
ΜΕΝΤΙΟΥΜ Αφροδίτη. Τηλ.
ΜΕΝΤΙΟΥΜ. Τηλ.
ΕΛΛΗΝΙΚΗ ψηφιακή μέντιουμ. Τηλ.
ΝΤΕΤΕΚΤΙΒΣ
ΠΙΝΚΕΡΤΟΝ Ιδιωτικός Ντετέκτιβ. Τηλ.
ΝΤΕΤΕΚΤΙΒ. Τηλ.
ΣΥΣΚΕΥΕΣ
ΠΩΛΕΙΤΑΙ ψυγείο. Τηλ.
ΠΩΛΕΙΤΑΙ κουζίνα. Τηλ.
ΠΩΛΕΙΤΑΙ πλυντήριο. Τηλ.
ΑΓΟΡΑΖΟΝΤΑΙ ηλεκτρικές συσκευές. Τηλ.
ΜΑΓΝΗΤΟΦΩΝΑ ευκαιρία. Τηλ.
ΜΥΛΟΣ καφέ. Τηλ.
Η ΣΥΝΕΧΕΙΑ ΣΤΗ 19Η ΣΕΛΙΔΑ
